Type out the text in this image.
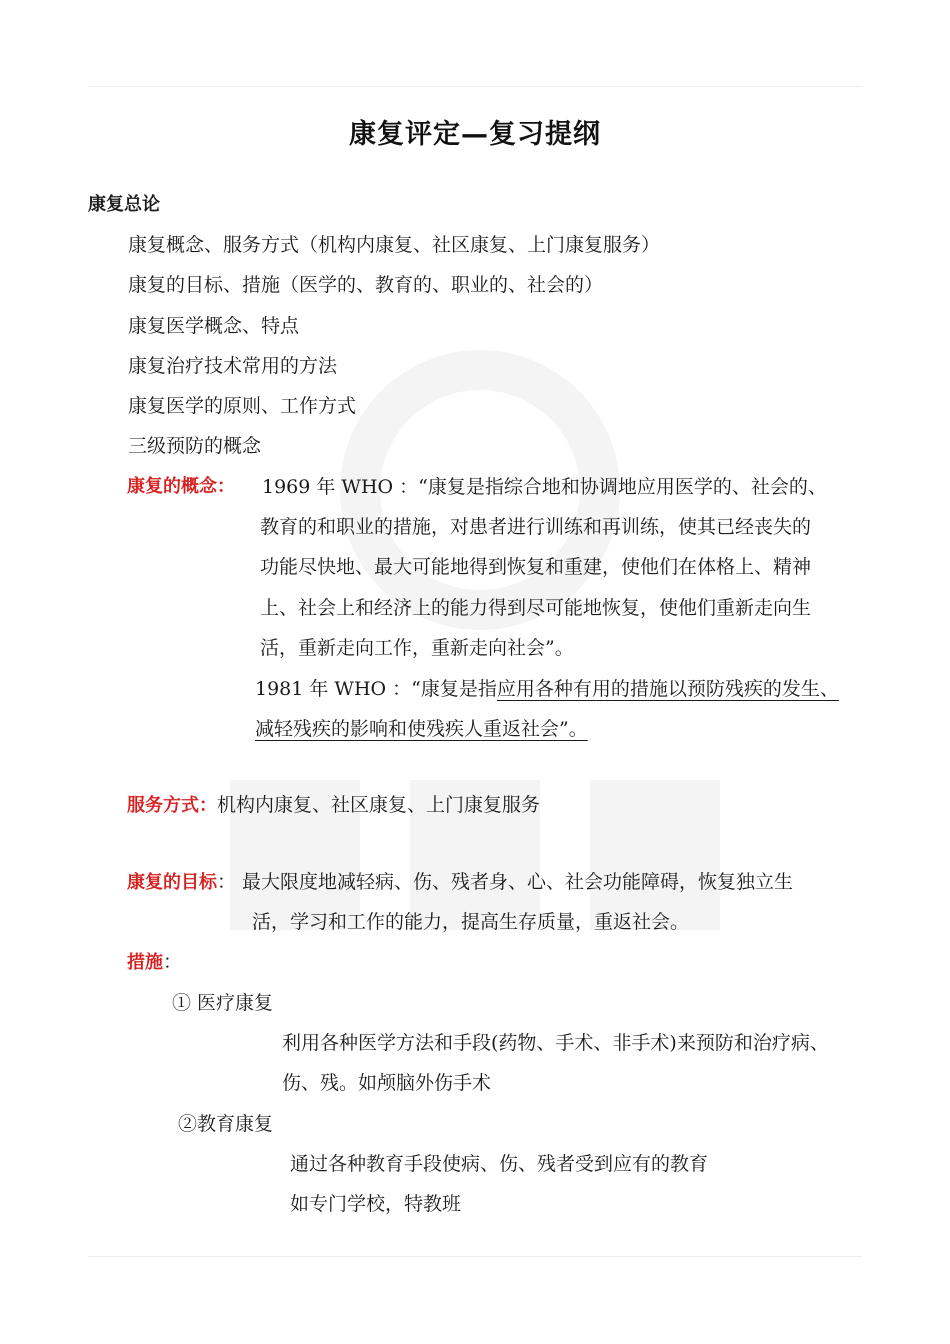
康复评定—复习提纲
康复总论
康复概念、服务方式（机构内康复、社区康复、上门康复服务）
康复的目标、措施（医学的、教育的、职业的、社会的）
康复医学概念、特点
康复治疗技术常用的方法
康复医学的原则、工作方式
三级预防的概念
康复的概念： 1969 年 WHO ：“康复是指综合地和协调地应用医学的、社会的、
教育的和职业的措施，对患者进行训练和再训练，使其已经丧失的
功能尽快地、最大可能地得到恢复和重建，使他们在体格上、精神
上、社会上和经济上的能力得到尽可能地恢复，使他们重新走向生
活，重新走向工作，重新走向社会”。
1981 年 WHO ：“康复是指应用各种有用的措施以预防残疾的发生、
减轻残疾的影响和使残疾人重返社会”。
服务方式：机构内康复、社区康复、上门康复服务
康复的目标： 最大限度地减轻病、伤、残者身、心、社会功能障碍，恢复独立生
活，学习和工作的能力，提高生存质量，重返社会。
措施：
① 医疗康复
利用各种医学方法和手段(药物、手术、非手术)来预防和治疗病、
伤、残。如颅脑外伤手术
②教育康复
通过各种教育手段使病、伤、残者受到应有的教育
如专门学校，特教班
